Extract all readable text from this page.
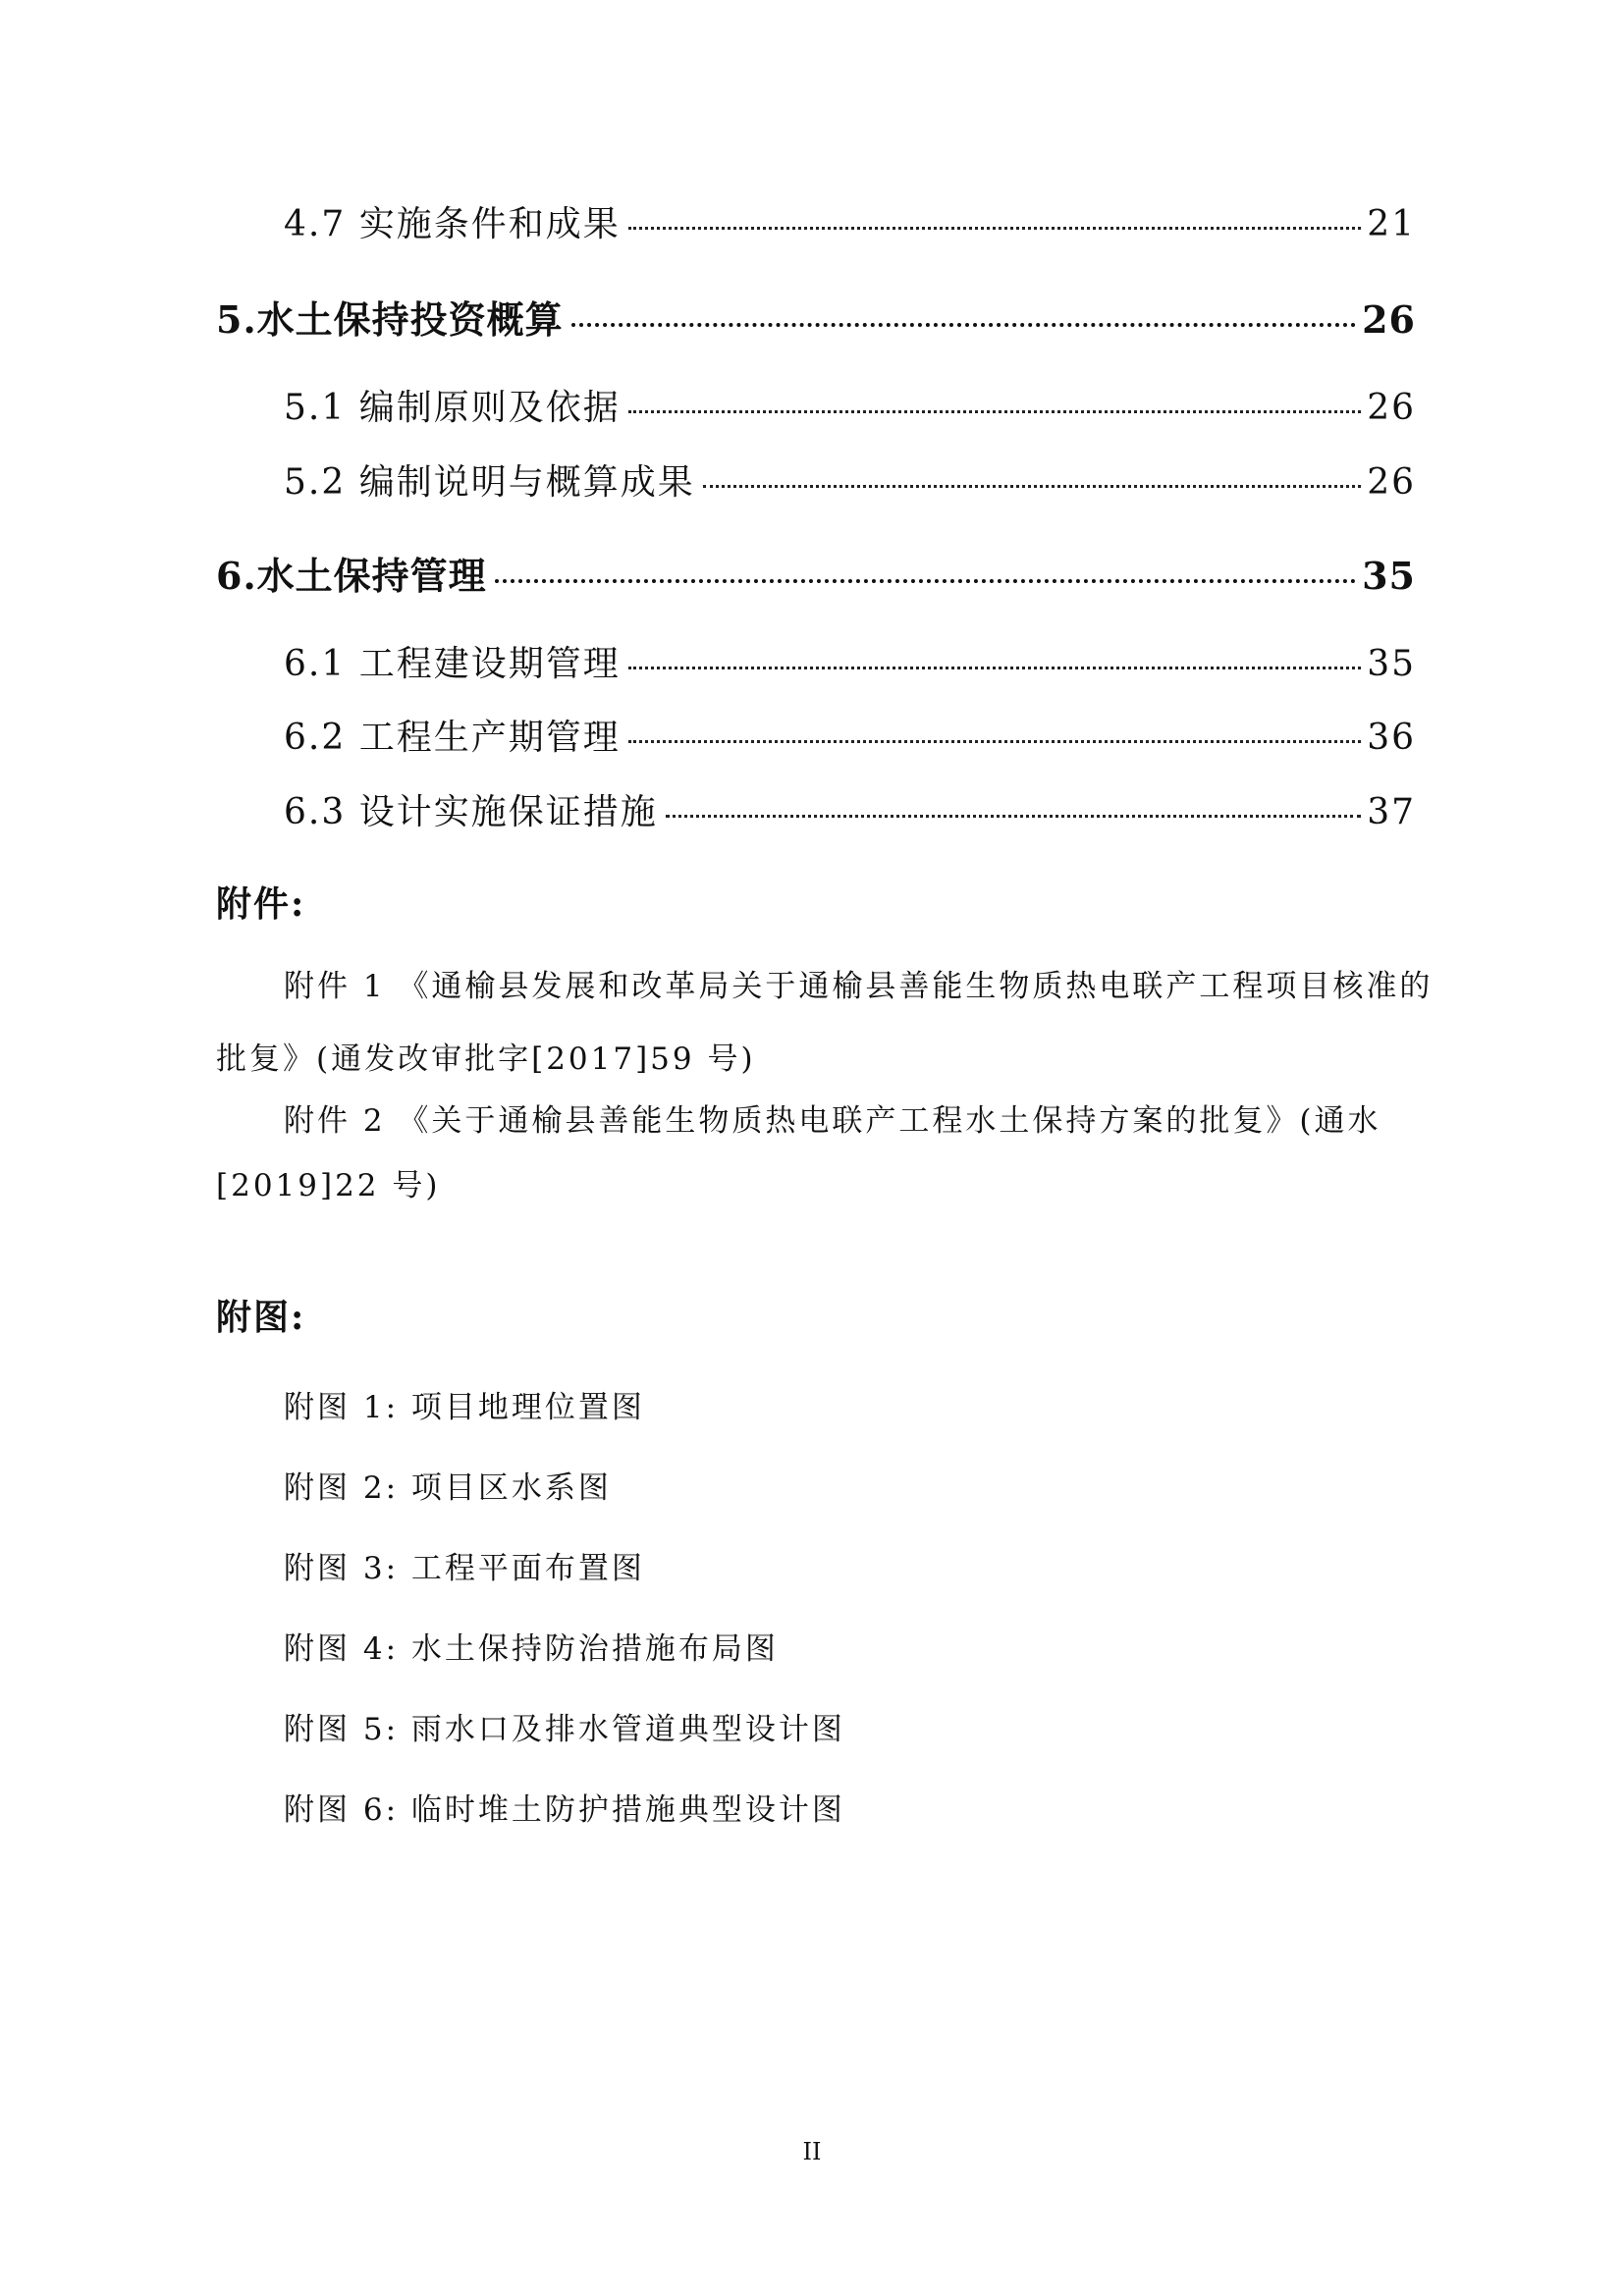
4.7 实施条件和成果	21
5.水土保持投资概算	26
5.1 编制原则及依据	26
5.2 编制说明与概算成果	26
6.水土保持管理	35
6.1 工程建设期管理	35
6.2 工程生产期管理	36
6.3 设计实施保证措施	37
附件:
附件 1 《通榆县发展和改革局关于通榆县善能生物质热电联产工程项目核准的
批复》(通发改审批字[2017]59 号)
附件 2 《关于通榆县善能生物质热电联产工程水土保持方案的批复》(通水
[2019]22 号)
附图:
附图 1: 项目地理位置图
附图 2: 项目区水系图
附图 3: 工程平面布置图
附图 4: 水土保持防治措施布局图
附图 5: 雨水口及排水管道典型设计图
附图 6: 临时堆土防护措施典型设计图
II
